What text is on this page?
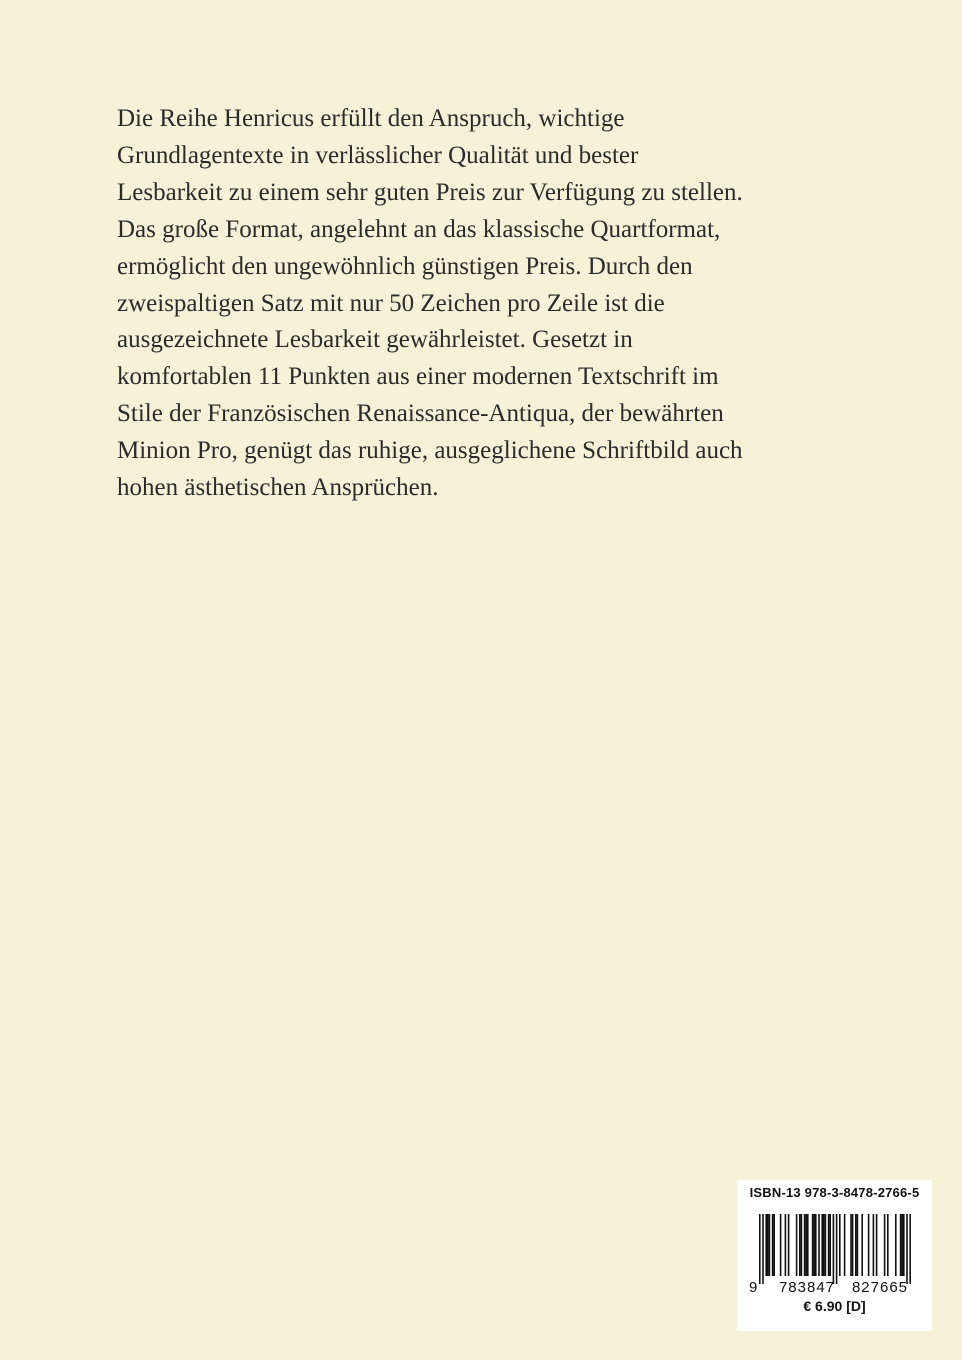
Die Reihe Henricus erfüllt den Anspruch, wichtige
Grundlagentexte in verlässlicher Qualität und bester
Lesbarkeit zu einem sehr guten Preis zur Verfügung zu stellen.
Das große Format, angelehnt an das klassische Quartformat,
ermöglicht den ungewöhnlich günstigen Preis. Durch den
zweispaltigen Satz mit nur 50 Zeichen pro Zeile ist die
ausgezeichnete Lesbarkeit gewährleistet. Gesetzt in
komfortablen 11 Punkten aus einer modernen Textschrift im
Stile der Französischen Renaissance-Antiqua, der bewährten
Minion Pro, genügt das ruhige, ausgeglichene Schriftbild auch
hohen ästhetischen Ansprüchen.
ISBN-13 978-3-8478-2766-5
9 783847 827665
€ 6.90 [D]
